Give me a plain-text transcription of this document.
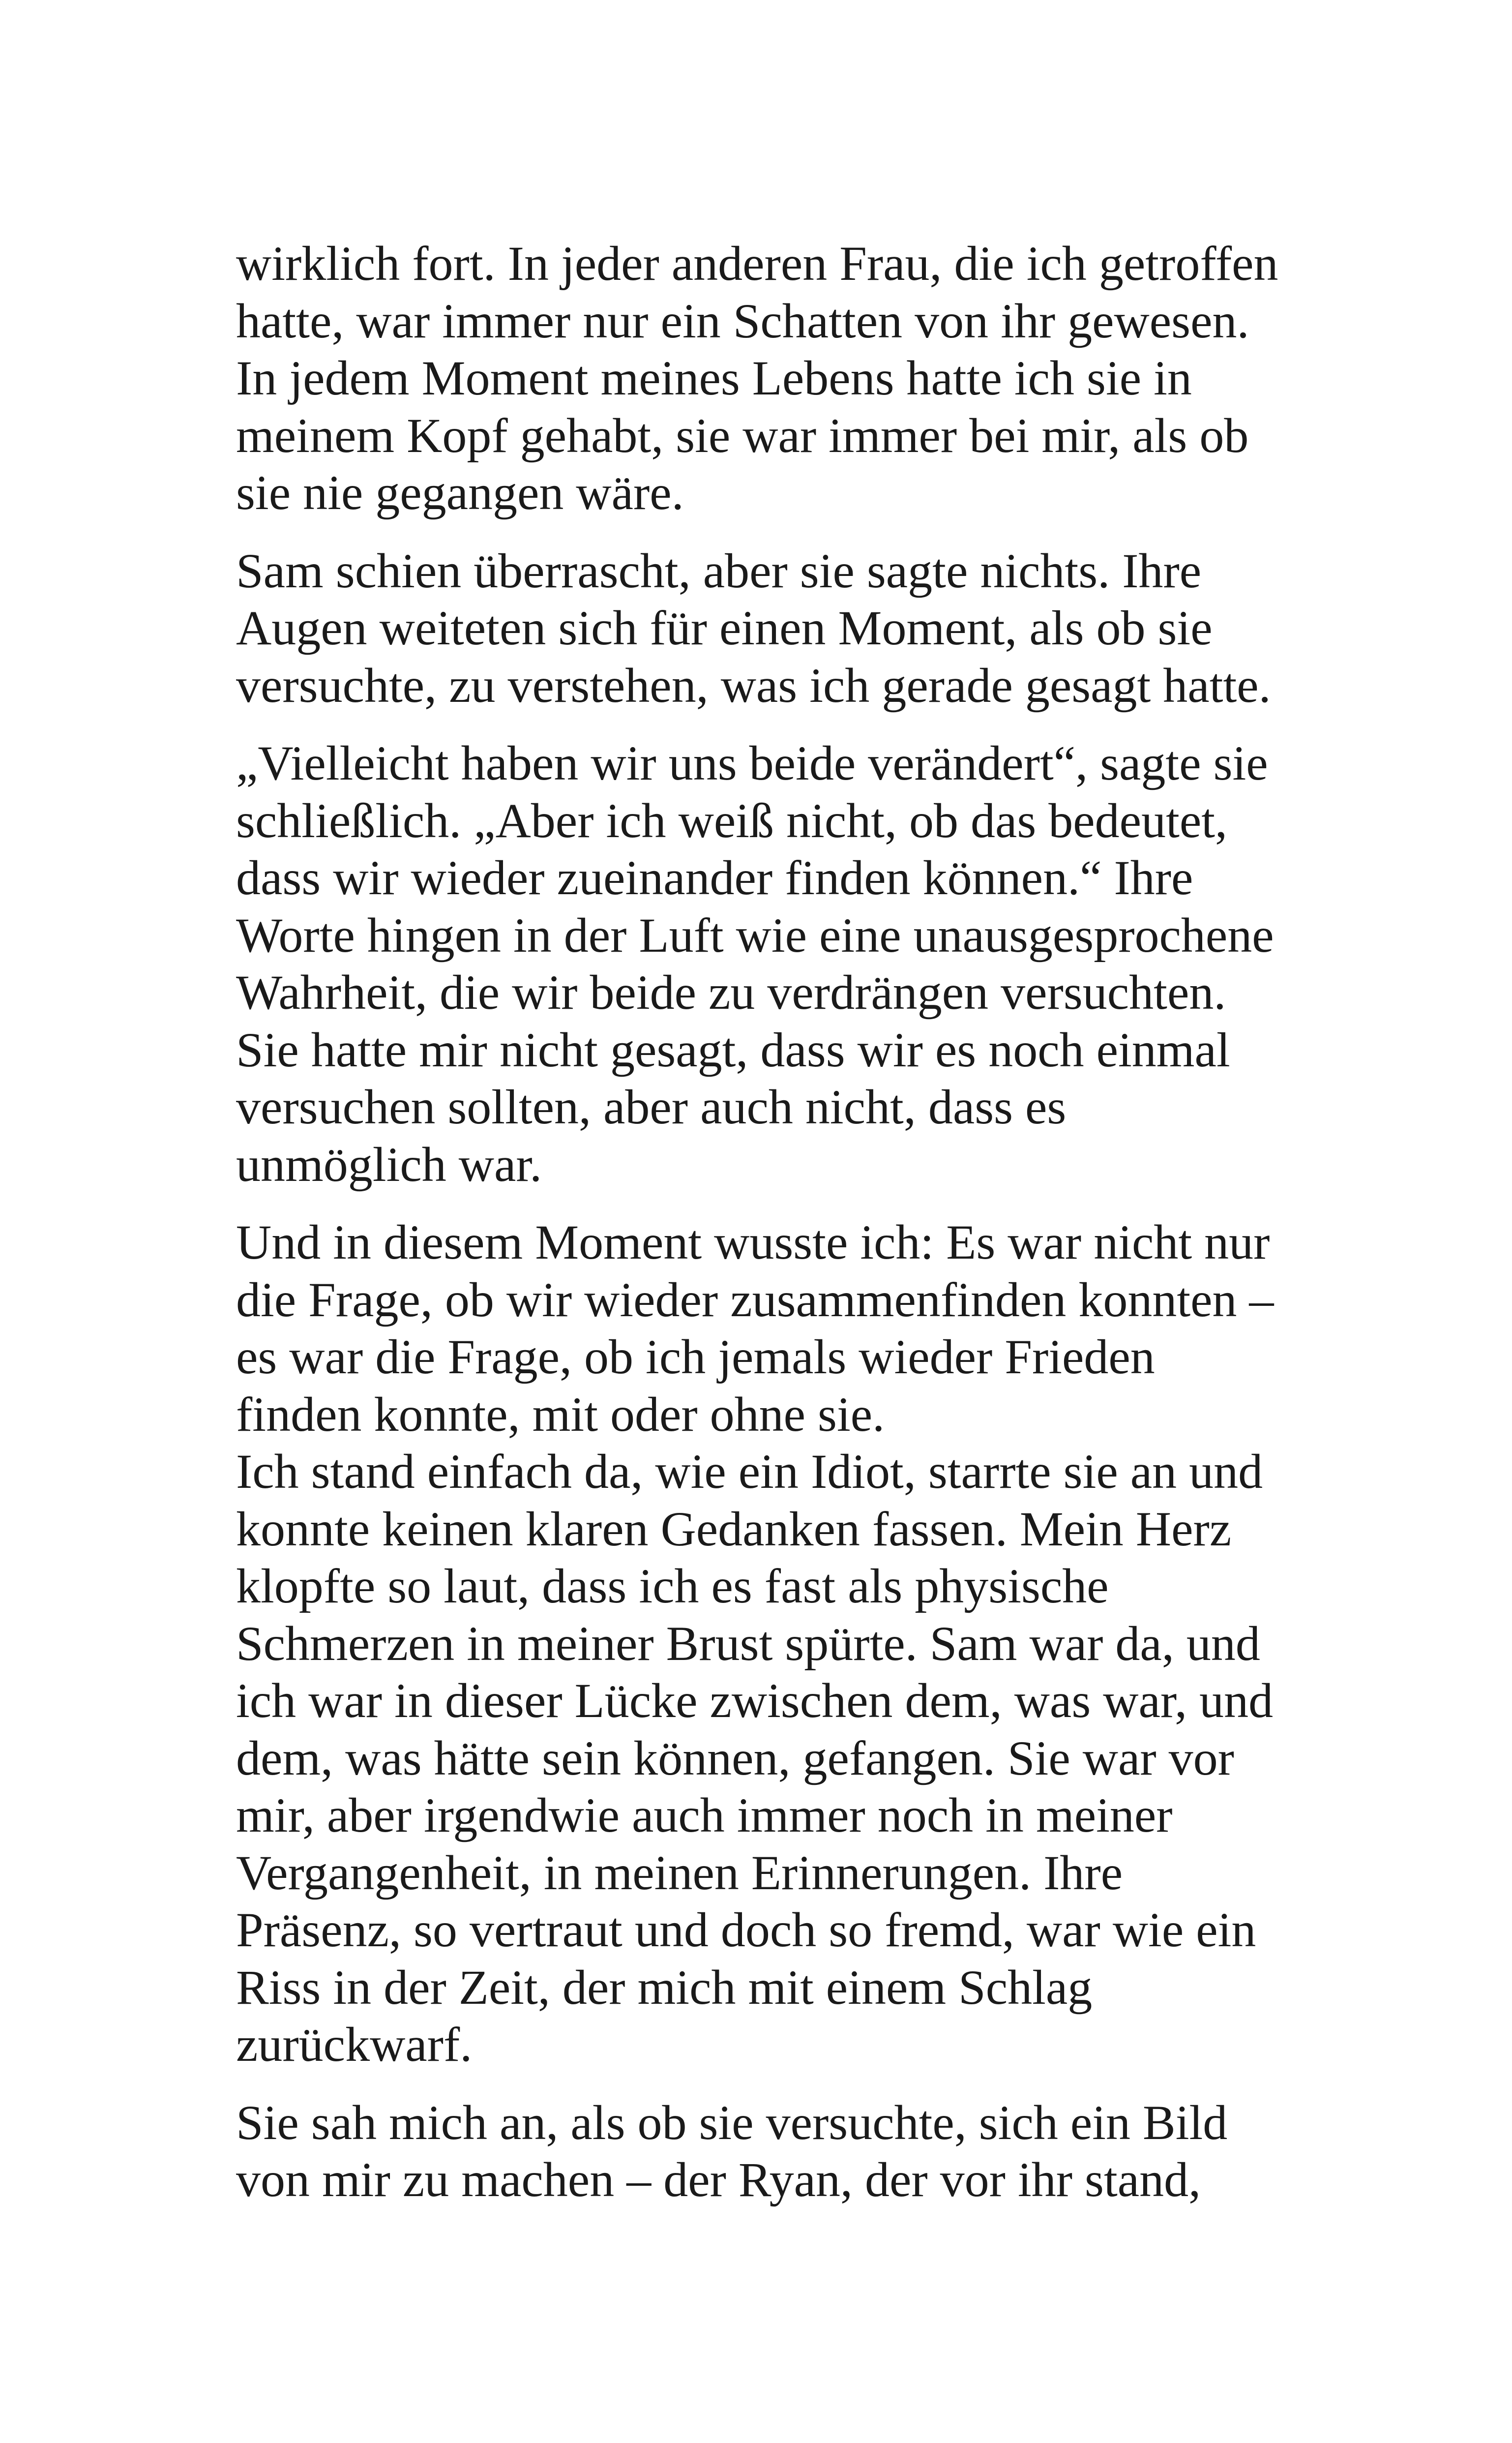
wirklich fort. In jeder anderen Frau, die ich getroffen
hatte, war immer nur ein Schatten von ihr gewesen.
In jedem Moment meines Lebens hatte ich sie in
meinem Kopf gehabt, sie war immer bei mir, als ob
sie nie gegangen wäre.

Sam schien überrascht, aber sie sagte nichts. Ihre
Augen weiteten sich für einen Moment, als ob sie
versuchte, zu verstehen, was ich gerade gesagt hatte.

„Vielleicht haben wir uns beide verändert“, sagte sie
schließlich. „Aber ich weiß nicht, ob das bedeutet,
dass wir wieder zueinander finden können.“ Ihre
Worte hingen in der Luft wie eine unausgesprochene
Wahrheit, die wir beide zu verdrängen versuchten.
Sie hatte mir nicht gesagt, dass wir es noch einmal
versuchen sollten, aber auch nicht, dass es
unmöglich war.

Und in diesem Moment wusste ich: Es war nicht nur
die Frage, ob wir wieder zusammenfinden konnten –
es war die Frage, ob ich jemals wieder Frieden
finden konnte, mit oder ohne sie.

Ich stand einfach da, wie ein Idiot, starrte sie an und
konnte keinen klaren Gedanken fassen. Mein Herz
klopfte so laut, dass ich es fast als physische
Schmerzen in meiner Brust spürte. Sam war da, und
ich war in dieser Lücke zwischen dem, was war, und
dem, was hätte sein können, gefangen. Sie war vor
mir, aber irgendwie auch immer noch in meiner
Vergangenheit, in meinen Erinnerungen. Ihre
Präsenz, so vertraut und doch so fremd, war wie ein
Riss in der Zeit, der mich mit einem Schlag
zurückwarf.

Sie sah mich an, als ob sie versuchte, sich ein Bild
von mir zu machen – der Ryan, der vor ihr stand,
